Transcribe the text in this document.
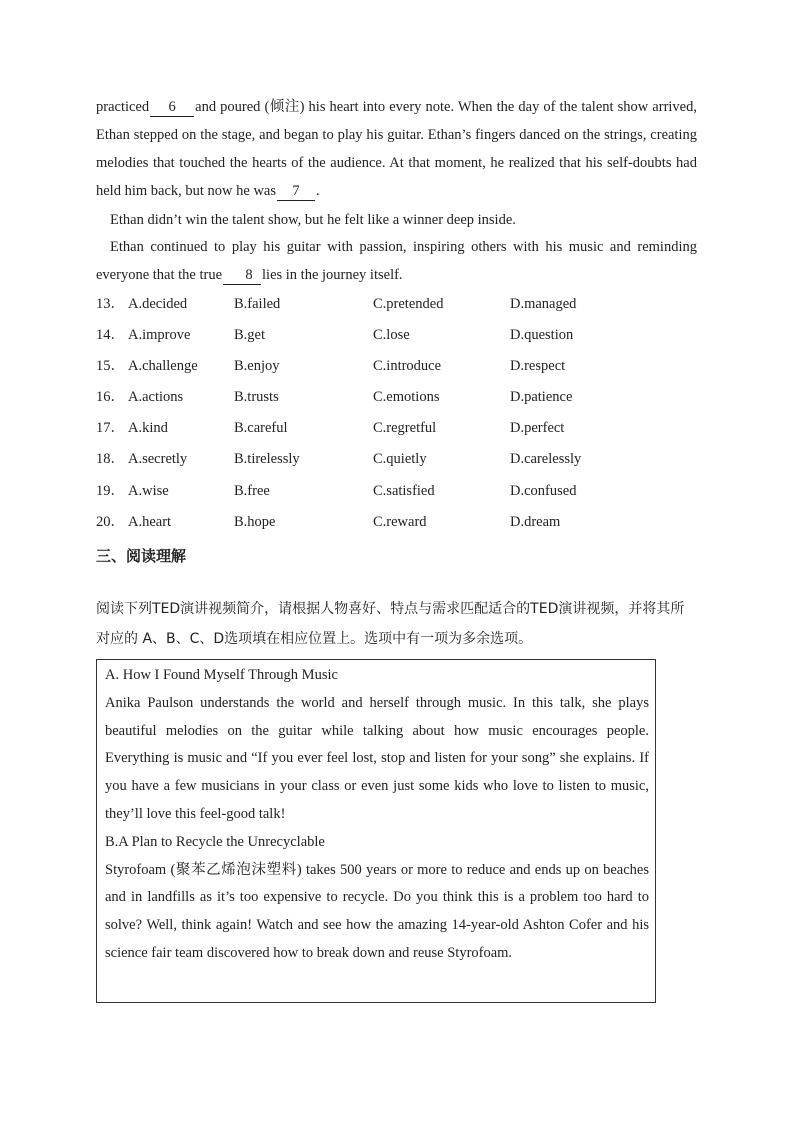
practiced 6 and poured (倾注) his heart into every note. When the day of the talent show arrived, Ethan stepped on the stage, and began to play his guitar. Ethan’s fingers danced on the strings, creating melodies that touched the hearts of the audience. At that moment, he realized that his self-doubts had held him back, but now he was 7 .
Ethan didn’t win the talent show, but he felt like a winner deep inside.
Ethan continued to play his guitar with passion, inspiring others with his music and reminding everyone that the true 8 lies in the journey itself.
13． A.decided	B.failed	C.pretended	D.managed
14． A.improve	B.get	C.lose	D.question
15． A.challenge	B.enjoy	C.introduce	D.respect
16． A.actions	B.trusts	C.emotions	D.patience
17． A.kind	B.careful	C.regretful	D.perfect
18． A.secretly	B.tirelessly	C.quietly	D.carelessly
19． A.wise	B.free	C.satisfied	D.confused
20． A.heart	B.hope	C.reward	D.dream
三、阅读理解
阅读下列TED演讲视频简介，请根据人物喜好、特点与需求匹配适合的TED演讲视频，并将其所对应的 A、B、C、D选项填在相应位置上。选项中有一项为多余选项。
A. How I Found Myself Through Music
Anika Paulson understands the world and herself through music. In this talk, she plays beautiful melodies on the guitar while talking about how music encourages people. Everything is music and “If you ever feel lost, stop and listen for your song” she explains. If you have a few musicians in your class or even just some kids who love to listen to music, they’ll love this feel-good talk!
B.A Plan to Recycle the Unrecyclable
Styrofoam (聚苯乙烯泡沫塑料) takes 500 years or more to reduce and ends up on beaches and in landfills as it’s too expensive to recycle. Do you think this is a problem too hard to solve? Well, think again! Watch and see how the amazing 14-year-old Ashton Cofer and his science fair team discovered how to break down and reuse Styrofoam.
